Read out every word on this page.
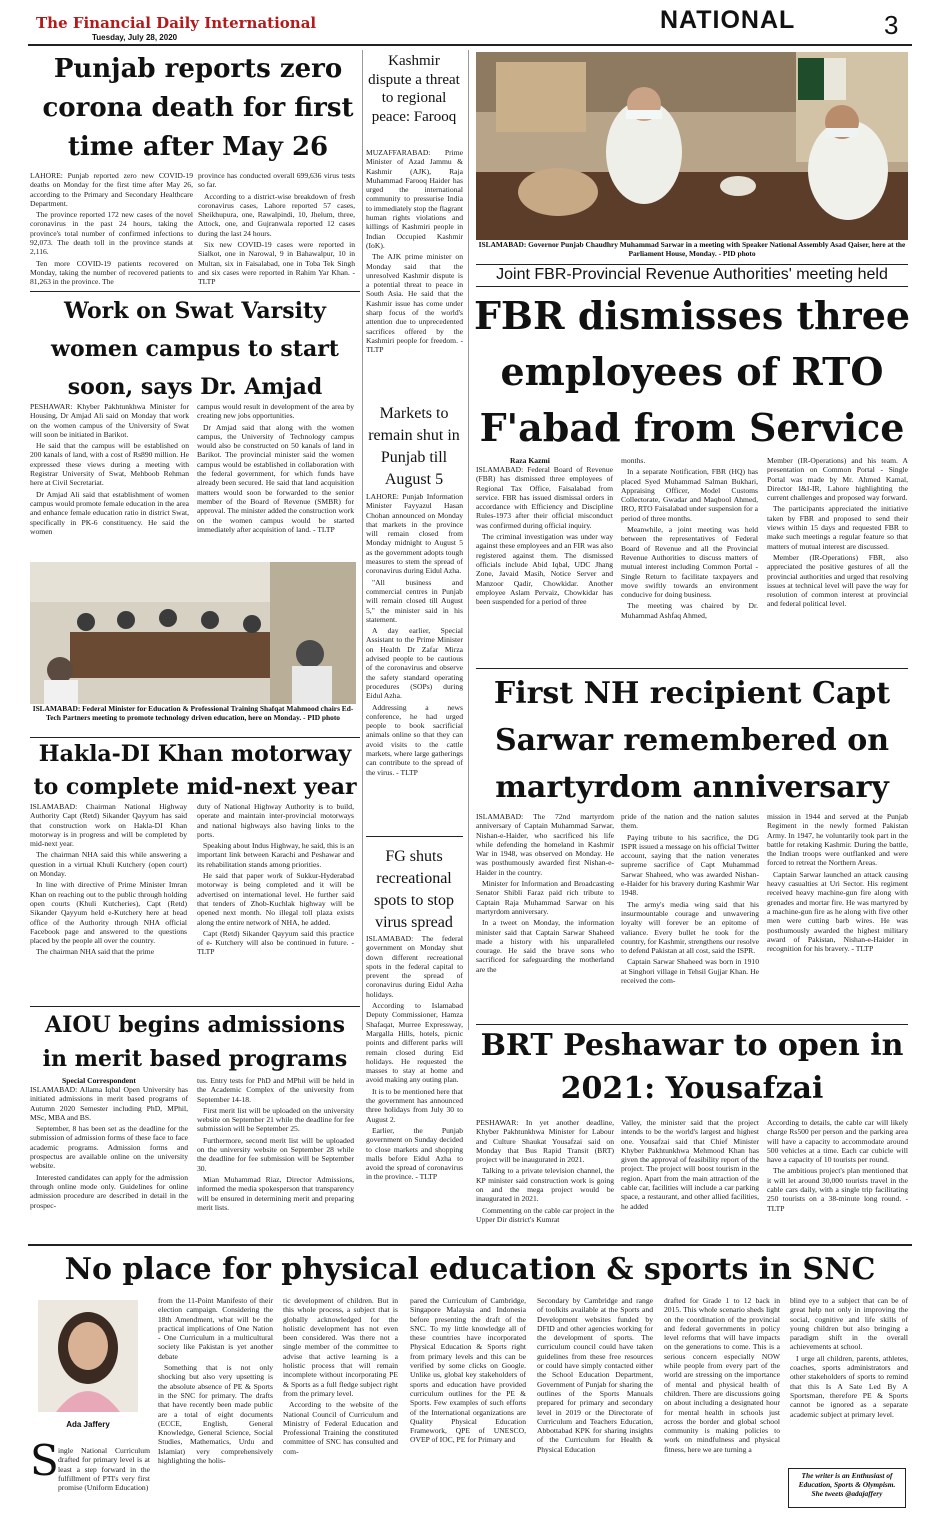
The Financial Daily International
Tuesday, July 28, 2020
NATIONAL	3
Punjab reports zero corona death for first time after May 26

LAHORE: Punjab reported zero new COVID-19 deaths on Monday for the first time after May 26, according to the Primary and Secondary Healthcare Department.

The province reported 172 new cases of the novel coronavirus in the past 24 hours, taking the province's total number of confirmed infections to 92,073. The death toll in the province stands at 2,116.

Ten more COVID-19 patients recovered on Monday, taking the number of recovered patients to 81,263 in the province. The

province has conducted overall 699,636 virus tests so far.

According to a district-wise breakdown of fresh coronavirus cases, Lahore reported 57 cases, Sheikhupura, one, Rawalpindi, 10, Jhelum, three, Attock, one, and Gujranwala reported 12 cases during the last 24 hours.

Six new COVID-19 cases were reported in Sialkot, one in Narowal, 9 in Bahawalpur, 10 in Multan, six in Faisalabad, one in Toba Tek Singh and six cases were reported in Rahim Yar Khan. - TLTP

Kashmir dispute a threat to regional peace: Farooq

MUZAFFARABAD: Prime Minister of Azad Jammu & Kashmir (AJK), Raja Muhammad Farooq Haider has urged the international community to pressurise India to immediately stop the flagrant human rights violations and killings of Kashmiri people in Indian Occupied Kashmir (IoK).

The AJK prime minister on Monday said that the unresolved Kashmir dispute is a potential threat to peace in South Asia. He said that the Kashmir issue has come under sharp focus of the world's attention due to unprecedented sacrifices offered by the Kashmiri people for freedom. - TLTP

ISLAMABAD: Governor Punjab Chaudhry Muhammad Sarwar in a meeting with Speaker National Assembly Asad Qaiser, here at the Parliament House, Monday. - PID photo
Joint FBR-Provincial Revenue Authorities' meeting held
FBR dismisses three employees of RTO F'abad from Service
Raza Kazmi

ISLAMABAD: Federal Board of Revenue (FBR) has dismissed three employees of Regional Tax Office, Faisalabad from service. FBR has issued dismissal orders in accordance with Efficiency and Discipline Rules-1973 after their official misconduct was confirmed during official inquiry.

The criminal investigation was under way against these employees and an FIR was also registered against them. The dismissed officials include Abid Iqbal, UDC Jhang Zone, Javaid Masih, Notice Server and Manzoor Qadir, Chowkidar. Another employee Aslam Pervaiz, Chowkidar has been suspended for a period of three

months.

In a separate Notification, FBR (HQ) has placed Syed Muhammad Salman Bukhari, Appraising Officer, Model Customs Collectorate, Gwadar and Maqbool Ahmed, IRO, RTO Faisalabad under suspension for a period of three months.

Meanwhile, a joint meeting was held between the representatives of Federal Board of Revenue and all the Provincial Revenue Authorities to discuss matters of mutual interest including Common Portal - Single Return to facilitate taxpayers and move swiftly towards an environment conducive for doing business.

The meeting was chaired by Dr. Muhammad Ashfaq Ahmed,

Member (IR-Operations) and his team. A presentation on Common Portal - Single Portal was made by Mr. Ahmed Kamal, Director I&I-IR, Lahore highlighting the current challenges and proposed way forward.

The participants appreciated the initiative taken by FBR and proposed to send their views within 15 days and requested FBR to make such meetings a regular feature so that matters of mutual interest are discussed.

Member (IR-Operations) FBR, also appreciated the positive gestures of all the provincial authorities and urged that resolving issues at technical level will pave the way for resolution of common interest at provincial and federal political level.

Work on Swat Varsity women campus to start soon, says Dr. Amjad

PESHAWAR: Khyber Pakhtunkhwa Minister for Housing, Dr Amjad Ali said on Monday that work on the women campus of the University of Swat will soon be initiated in Barikot.

He said that the campus will be established on 200 kanals of land, with a cost of Rs890 million. He expressed these views during a meeting with Registrar University of Swat, Mehboob Rehman here at Civil Secretariat.

Dr Amjad Ali said that establishment of women campus would promote female education in the area and enhance female education ratio in district Swat, specifically in PK-6 constituency. He said the women

campus would result in development of the area by creating new jobs opportunities.

Dr Amjad said that along with the women campus, the University of Technology campus would also be constructed on 50 kanals of land in Barikot. The provincial minister said the women campus would be established in collaboration with the federal government, for which funds have already been secured. He said that land acquisition matters would soon be forwarded to the senior member of the Board of Revenue (SMBR) for approval. The minister added the construction work on the women campus would be started immediately after acquisition of land. - TLTP

ISLAMABAD: Federal Minister for Education & Professional Training Shafqat Mahmood chairs Ed-Tech Partners meeting to promote technology driven education, here on Monday. - PID photo
Markets to remain shut in Punjab till August 5

LAHORE: Punjab Information Minister Fayyazul Hasan Chohan announced on Monday that markets in the province will remain closed from Monday midnight to August 5 as the government adopts tough measures to stem the spread of coronavirus during Eidul Azha.

"All business and commercial centres in Punjab will remain closed till August 5," the minister said in his statement.

A day earlier, Special Assistant to the Prime Minister on Health Dr Zafar Mirza advised people to be cautious of the coronavirus and observe the safety standard operating procedures (SOPs) during Eidul Azha.

Addressing a news conference, he had urged people to book sacrificial animals online so that they can avoid visits to the cattle markets, where large gatherings can contribute to the spread of the virus. - TLTP

First NH recipient Capt Sarwar remembered on martyrdom anniversary

ISLAMABAD: The 72nd martyrdom anniversary of Captain Muhammad Sarwar, Nishan-e-Haider, who sacrificed his life while defending the homeland in Kashmir War in 1948, was observed on Monday. He was posthumously awarded first Nishan-e-Haider in the country.

Minister for Information and Broadcasting Senator Shibli Faraz paid rich tribute to Captain Raja Muhammad Sarwar on his martyrdom anniversary.

In a tweet on Monday, the information minister said that Captain Sarwar Shaheed made a history with his unparalleled courage. He said the brave sons who sacrificed for safeguarding the motherland are the

pride of the nation and the nation salutes them.

Paying tribute to his sacrifice, the DG ISPR issued a message on his official Twitter account, saying that the nation venerates supreme sacrifice of Capt Muhammad Sarwar Shaheed, who was awarded Nishan-e-Haider for his bravery during Kashmir War 1948.

The army's media wing said that his insurmountable courage and unwavering loyalty will forever be an epitome of valiance. Every bullet he took for the country, for Kashmir, strengthens our resolve to defend Pakistan at all cost, said the ISPR.

Captain Sarwar Shaheed was born in 1910 at Singhori village in Tehsil Gujjar Khan. He received the com-

mission in 1944 and served at the Punjab Regiment in the newly formed Pakistan Army. In 1947, he voluntarily took part in the battle for retaking Kashmir. During the battle, the Indian troops were outflanked and were forced to retreat the Northern Areas.

Captain Sarwar launched an attack causing heavy casualties at Uri Sector. His regiment received heavy machine-gun fire along with grenades and mortar fire. He was martyred by a machine-gun fire as he along with five other men were cutting barb wires. He was posthumously awarded the highest military award of Pakistan, Nishan-e-Haider in recognition for his bravery. - TLTP

Hakla-DI Khan motorway to complete mid-next year

ISLAMABAD: Chairman National Highway Authority Capt (Retd) Sikander Qayyum has said that construction work on Hakla-DI Khan motorway is in progress and will be completed by mid-next year.

The chairman NHA said this while answering a question in a virtual Khuli Kutchery (open court) on Monday.

In line with directive of Prime Minister Imran Khan on reaching out to the public through holding open courts (Khuli Kutcheries), Capt (Retd) Sikander Qayyum held e-Kutchery here at head office of the Authority through NHA official Facebook page and answered to the questions placed by the people all over the country.

The chairman NHA said that the prime

duty of National Highway Authority is to build, operate and maintain inter-provincial motorways and national highways also having links to the ports.

Speaking about Indus Highway, he said, this is an important link between Karachi and Peshawar and its rehabilitation stands among priorities.

He said that paper work of Sukkur-Hyderabad motorway is being completed and it will be advertised on international level. He further said that tenders of Zhob-Kuchlak highway will be opened next month. No illegal toll plaza exists along the entire network of NHA, he added.

Capt (Retd) Sikander Qayyum said this practice of e- Kutchery will also be continued in future. - TLTP

FG shuts recreational spots to stop virus spread

ISLAMABAD: The federal government on Monday shut down different recreational spots in the federal capital to prevent the spread of coronavirus during Eidul Azha holidays.

According to Islamabad Deputy Commissioner, Hamza Shafaqat, Murree Expressway, Margalla Hills, hotels, picnic points and different parks will remain closed during Eid holidays. He requested the masses to stay at home and avoid making any outing plan.

It is to be mentioned here that the government has announced three holidays from July 30 to August 2.

Earlier, the Punjab government on Sunday decided to close markets and shopping malls before Eidul Azha to avoid the spread of coronavirus in the province. - TLTP

AIOU begins admissions in merit based programs
Special Correspondent

ISLAMABAD: Allama Iqbal Open University has initiated admissions in merit based programs of Autumn 2020 Semester including PhD, MPhil, MSc, MBA and BS.

September, 8 has been set as the deadline for the submission of admission forms of these face to face academic programs. Admission forms and prospectus are available online on the university website.

Interested candidates can apply for the admission through online mode only. Guidelines for online admission procedure are described in detail in the prospec-

tus. Entry tests for PhD and MPhil will be held in the Academic Complex of the university from September 14-18.

First merit list will be uploaded on the university website on September 21 while the deadline for fee submission will be September 25.

Furthermore, second merit list will be uploaded on the university website on September 28 while the deadline for fee submission will be September 30.

Mian Muhammad Riaz, Director Admissions, informed the media spokesperson that transparency will be ensured in determining merit and preparing merit lists.

BRT Peshawar to open in 2021: Yousafzai

PESHAWAR: In yet another deadline, Khyber Pakhtunkhwa Minister for Labour and Culture Shaukat Yousafzai said on Monday that Bus Rapid Transit (BRT) project will be inaugurated in 2021.

Talking to a private television channel, the KP minister said construction work is going on and the mega project would be inaugurated in 2021.

Commenting on the cable car project in the Upper Dir district's Kumrat

Valley, the minister said that the project intends to be the world's largest and highest one. Yousafzai said that Chief Minister Khyber Pakhtunkhwa Mehmood Khan has given the approval of feasibility report of the project. The project will boost tourism in the region. Apart from the main attraction of the cable car, facilities will include a car parking space, a restaurant, and other allied facilities, he added

According to details, the cable car will likely charge Rs500 per person and the parking area will have a capacity to accommodate around 500 vehicles at a time. Each car cubicle will have a capacity of 10 tourists per round.

The ambitious project's plan mentioned that it will let around 30,000 tourists travel in the cable cars daily, with a single trip facilitating 250 tourists on a 38-minute long round. - TLTP

No place for physical education & sports in SNC
Ada Jaffery
S ingle National Curriculum drafted for primary level is at least a step forward in the fulfillment of PTI's very first promise (Uniform Education)

from the 11-Point Manifesto of their election campaign. Considering the 18th Amendment, what will be the practical implications of One Nation - One Curriculum in a multicultural society like Pakistan is yet another debate

Something that is not only shocking but also very upsetting is the absolute absence of PE & Sports in the SNC for primary. The drafts that have recently been made public are a total of eight documents (ECCE, English, General Knowledge, General Science, Social Studies, Mathematics, Urdu and Islamiat) very comprehensively highlighting the holis-

tic development of children. But in this whole process, a subject that is globally acknowledged for the holistic development has not even been considered. Was there not a single member of the committee to advise that active learning is a holistic process that will remain incomplete without incorporating PE & Sports as a full fledge subject right from the primary level.

According to the website of the National Council of Curriculum and Ministry of Federal Education and Professional Training the constituted committee of SNC has consulted and com-

pared the Curriculum of Cambridge, Singapore Malaysia and Indonesia before presenting the draft of the SNC. To my little knowledge all of these countries have incorporated Physical Education & Sports right from primary levels and this can be verified by some clicks on Google. Unlike us, global key stakeholders of sports and education have provided curriculum outlines for the PE & Sports. Few examples of such efforts of the International organizations are Quality Physical Education Framework, QPE of UNESCO, OVEP of IOC, PE for Primary and

Secondary by Cambridge and range of toolkits available at the Sports and Development websites funded by DFID and other agencies working for the development of sports. The curriculum council could have taken guidelines from these free resources or could have simply contacted either the School Education Department, Government of Punjab for sharing the outlines of the Sports Manuals prepared for primary and secondary level in 2019 or the Directorate of Curriculum and Teachers Education, Abbottabad KPK for sharing insights of the Curriculum for Health & Physical Education

drafted for Grade 1 to 12 back in 2015. This whole scenario sheds light on the coordination of the provincial and federal governments in policy level reforms that will have impacts on the generations to come. This is a serious concern especially NOW while people from every part of the world are stressing on the importance of mental and physical health of children. There are discussions going on about including a designated hour for mental health in schools just across the border and global school community is making policies to work on mindfulness and physical fitness, here we are turning a

blind eye to a subject that can be of great help not only in improving the social, cognitive and life skills of young children but also bringing a paradigm shift in the overall achievements at school.

I urge all children, parents, athletes, coaches, sports administrators and other stakeholders of sports to remind that this Is A Sate Led By A Sportsman, therefore PE & Sports cannot be ignored as a separate academic subject at primary level.

The writer is an Enthusiast of Education, Sports & Olympism. She tweets @adajaffery
